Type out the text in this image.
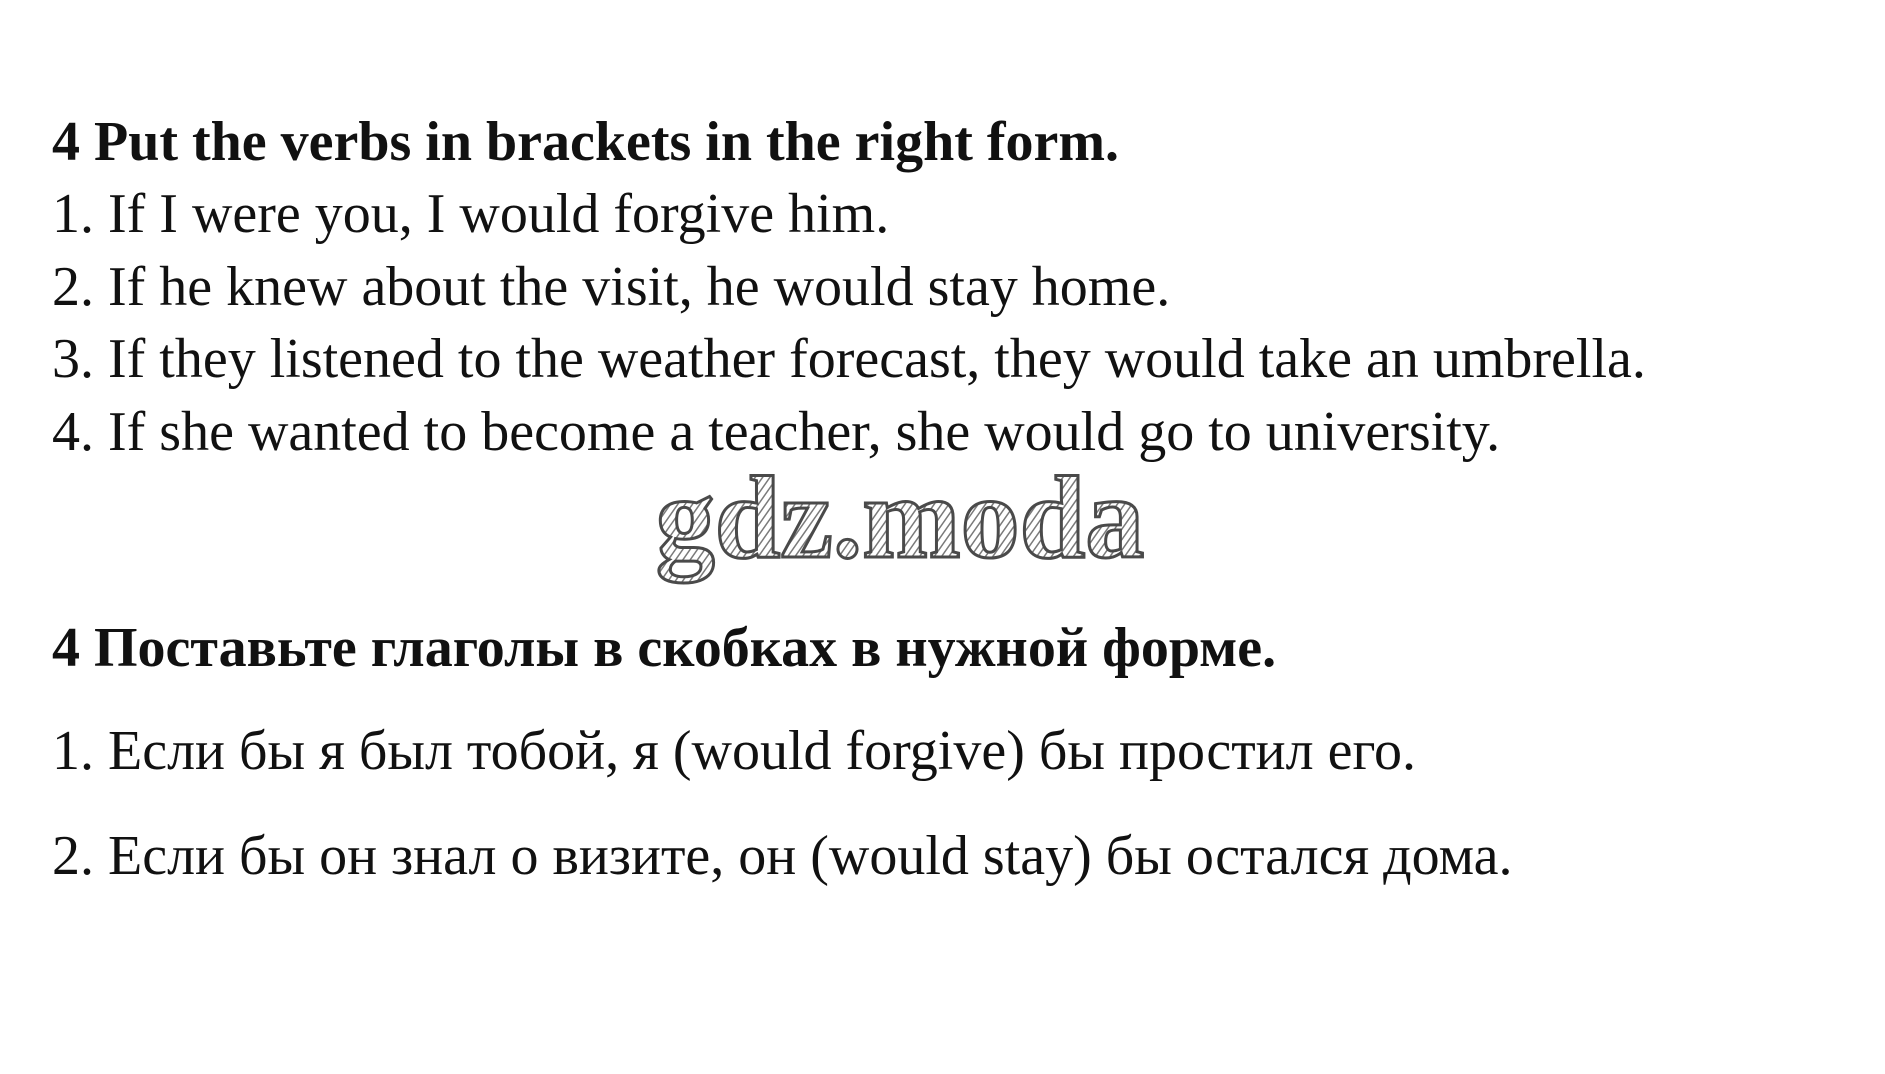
4 Put the verbs in brackets in the right form.
1. If I were you, I would forgive him.
2. If he knew about the visit, he would stay home.
3. If they listened to the weather forecast, they would take an umbrella.
4. If she wanted to become a teacher, she would go to university.
gdz.moda
4 Поставьте глаголы в скобках в нужной форме.
1. Если бы я был тобой, я (would forgive) бы простил его.
2. Если бы он знал о визите, он (would stay) бы остался дома.
